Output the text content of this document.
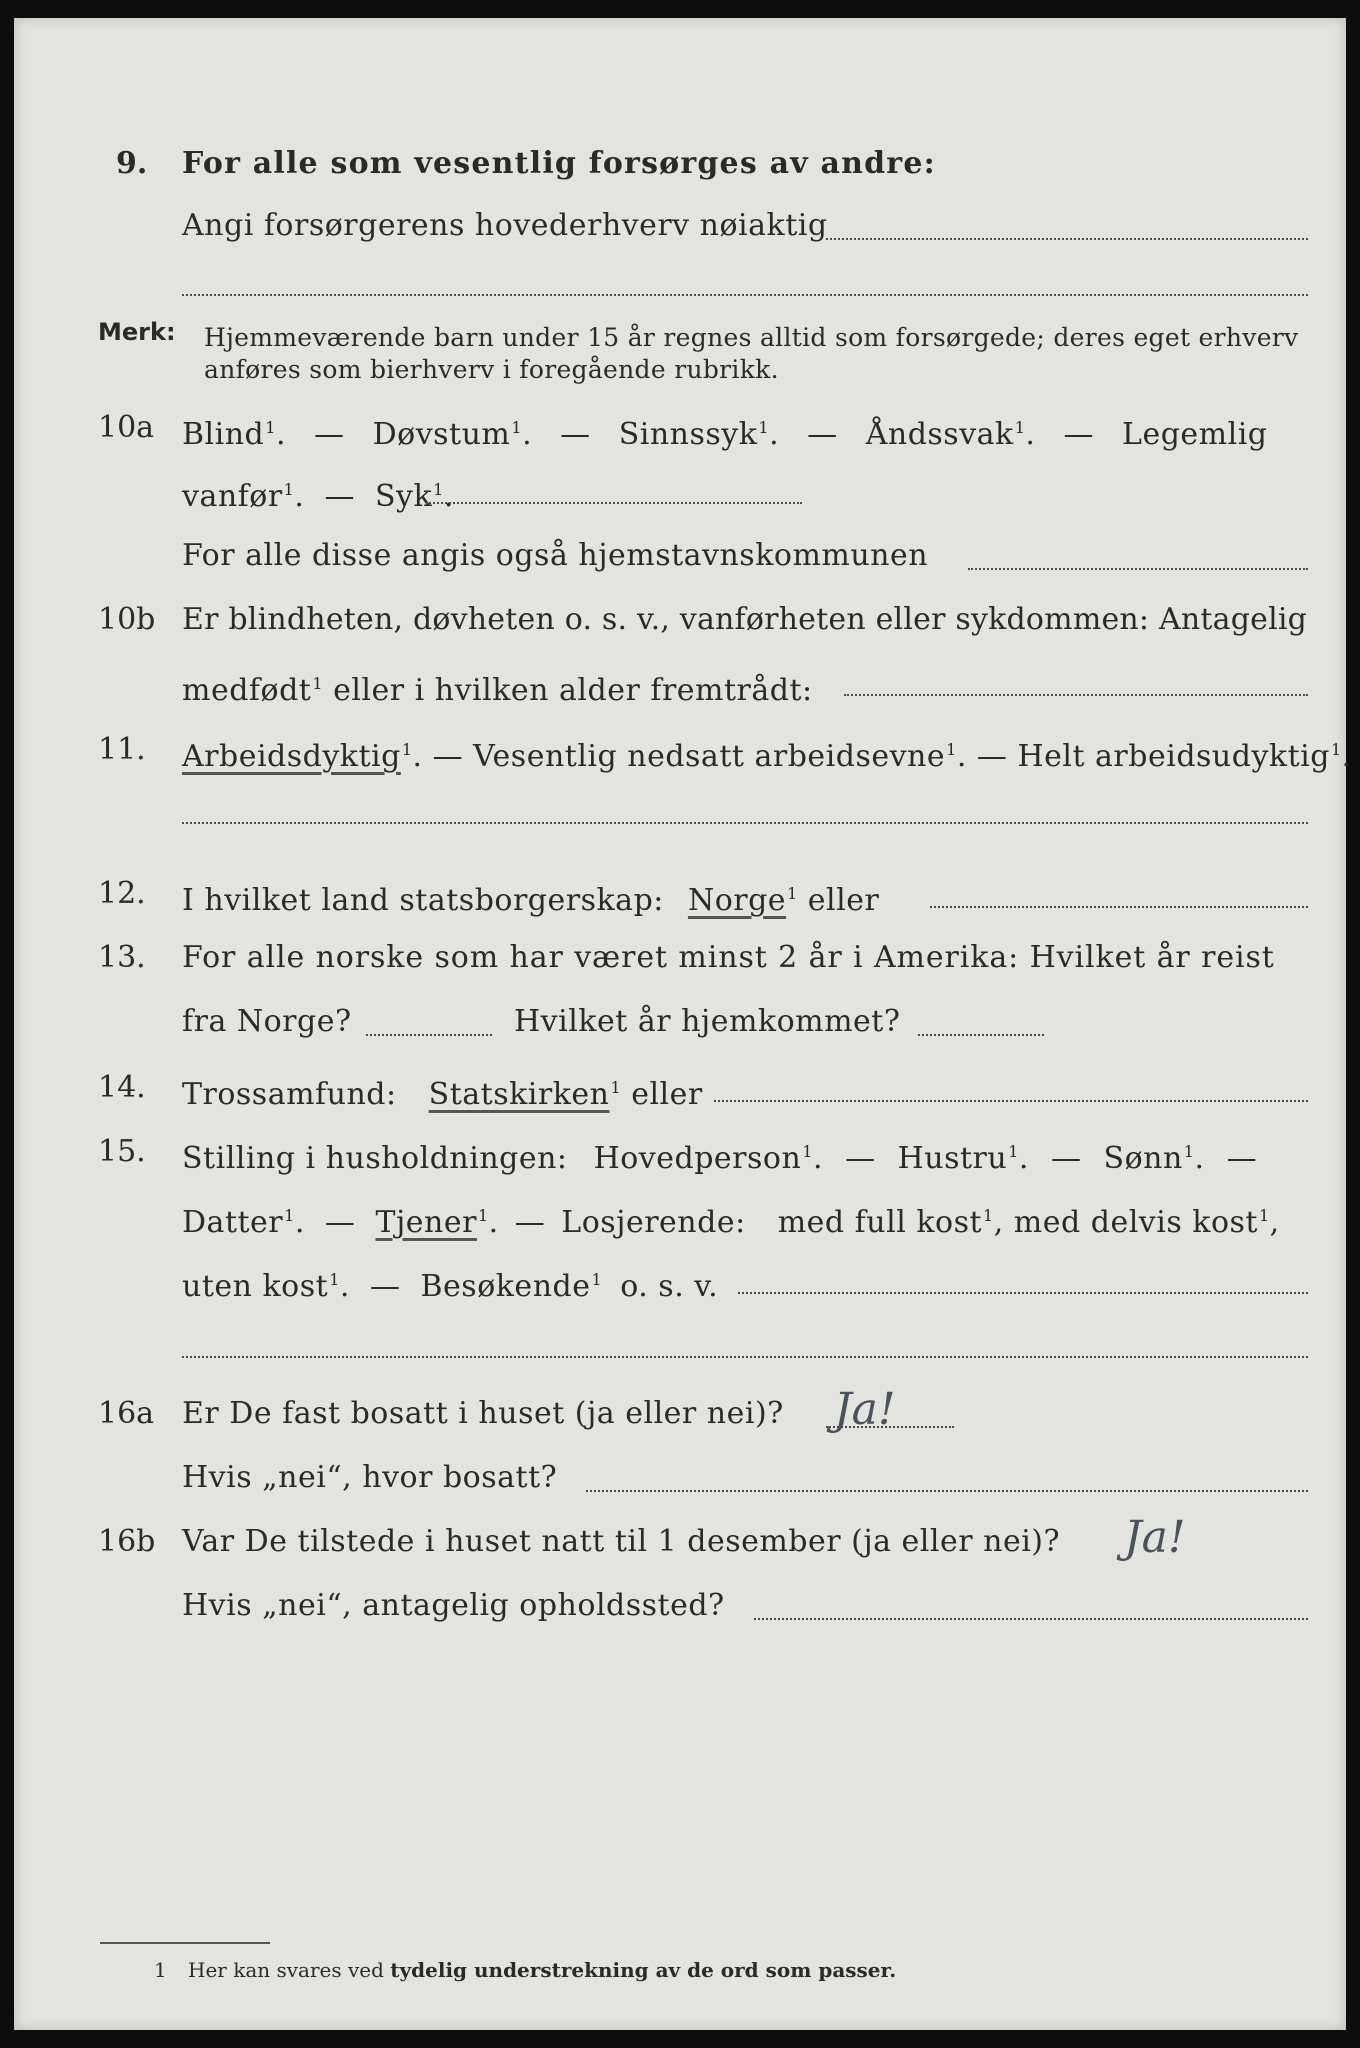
9. For alle som vesentlig forsørges av andre:
Angi forsørgerens hovederhverv nøiaktig
Merk: Hjemmeværende barn under 15 år regnes alltid som forsørgede; deres eget erhverv
anføres som bierhverv i foregående rubrikk.
10a Blind$^1$. — Døvstum$^1$. — Sinnssyk$^1$. — Åndssvak$^1$. — Legemlig
vanfør$^1$. — Syk$^1$.
For alle disse angis også hjemstavnskommunen
10b Er blindheten, døvheten o. s. v., vanførheten eller sykdommen: Antagelig
medfødt$^1$ eller i hvilken alder fremtrådt:
11. Arbeidsdyktig$^1$. — Vesentlig nedsatt arbeidsevne$^1$. — Helt arbeidsudyktig$^1$.
12. I hvilket land statsborgerskap: Norge$^1$ eller
13. For alle norske som har været minst 2 år i Amerika: Hvilket år reist
fra Norge?	Hvilket år hjemkommet?
14. Trossamfund: Statskirken$^1$ eller
15. Stilling i husholdningen: Hovedperson$^1$. — Hustru$^1$. — Sønn$^1$. —
Datter$^1$. — Tjener$^1$. — Losjerende: med full kost$^1$, med delvis kost$^1$,
uten kost$^1$. — Besøkende$^1$ o. s. v.
16a Er De fast bosatt i huset (ja eller nei)? Ja!
Hvis „nei“, hvor bosatt?
16b Var De tilstede i huset natt til 1 desember (ja eller nei)? Ja!
Hvis „nei“, antagelig opholdssted?
1 Her kan svares ved tydelig understrekning av de ord som passer.
